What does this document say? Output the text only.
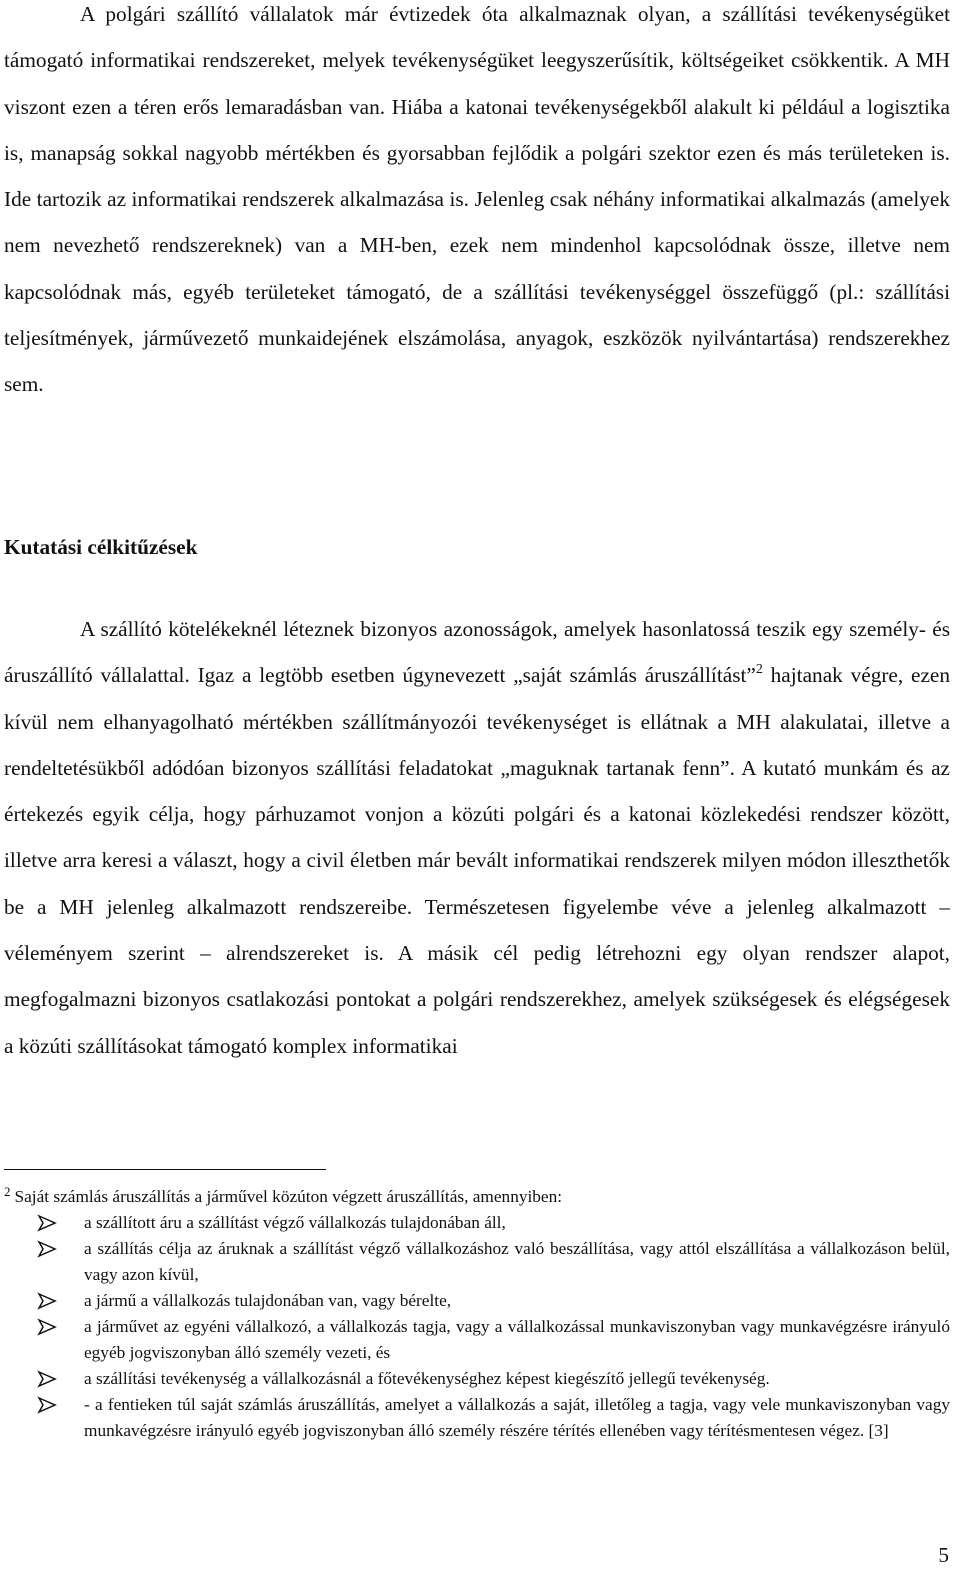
A polgári szállító vállalatok már évtizedek óta alkalmaznak olyan, a szállítási tevékenységüket támogató informatikai rendszereket, melyek tevékenységüket leegyszerűsítik, költségeiket csökkentik. A MH viszont ezen a téren erős lemaradásban van. Hiába a katonai tevékenységekből alakult ki például a logisztika is, manapság sokkal nagyobb mértékben és gyorsabban fejlődik a polgári szektor ezen és más területeken is. Ide tartozik az informatikai rendszerek alkalmazása is. Jelenleg csak néhány informatikai alkalmazás (amelyek nem nevezhető rendszereknek) van a MH-ben, ezek nem mindenhol kapcsolódnak össze, illetve nem kapcsolódnak más, egyéb területeket támogató, de a szállítási tevékenységgel összefüggő (pl.: szállítási teljesítmények, járművezető munkaidejének elszámolása, anyagok, eszközök nyilvántartása) rendszerekhez sem.

Kutatási célkitűzések

A szállító kötelékeknél léteznek bizonyos azonosságok, amelyek hasonlatossá teszik egy személy- és áruszállító vállalattal. Igaz a legtöbb esetben úgynevezett „saját számlás áruszállítást”$^2$ hajtanak végre, ezen kívül nem elhanyagolható mértékben szállítmányozói tevékenységet is ellátnak a MH alakulatai, illetve a rendeltetésükből adódóan bizonyos szállítási feladatokat „maguknak tartanak fenn”. A kutató munkám és az értekezés egyik célja, hogy párhuzamot vonjon a közúti polgári és a katonai közlekedési rendszer között, illetve arra keresi a választ, hogy a civil életben már bevált informatikai rendszerek milyen módon illeszthetők be a MH jelenleg alkalmazott rendszereibe. Természetesen figyelembe véve a jelenleg alkalmazott – véleményem szerint – alrendszereket is. A másik cél pedig létrehozni egy olyan rendszer alapot, megfogalmazni bizonyos csatlakozási pontokat a polgári rendszerekhez, amelyek szükségesek és elégségesek a közúti szállításokat támogató komplex informatikai

$^2$ Saját számlás áruszállítás a járművel közúton végzett áruszállítás, amennyiben:

a szállított áru a szállítást végző vállalkozás tulajdonában áll,
a szállítás célja az áruknak a szállítást végző vállalkozáshoz való beszállítása, vagy attól elszállítása a vállalkozáson belül, vagy azon kívül,
a jármű a vállalkozás tulajdonában van, vagy bérelte,
a járművet az egyéni vállalkozó, a vállalkozás tagja, vagy a vállalkozással munkaviszonyban vagy munkavégzésre irányuló egyéb jogviszonyban álló személy vezeti, és
a szállítási tevékenység a vállalkozásnál a főtevékenységhez képest kiegészítő jellegű tevékenység.
- a fentieken túl saját számlás áruszállítás, amelyet a vállalkozás a saját, illetőleg a tagja, vagy vele munkaviszonyban vagy munkavégzésre irányuló egyéb jogviszonyban álló személy részére térítés ellenében vagy térítésmentesen végez. [3]

5
